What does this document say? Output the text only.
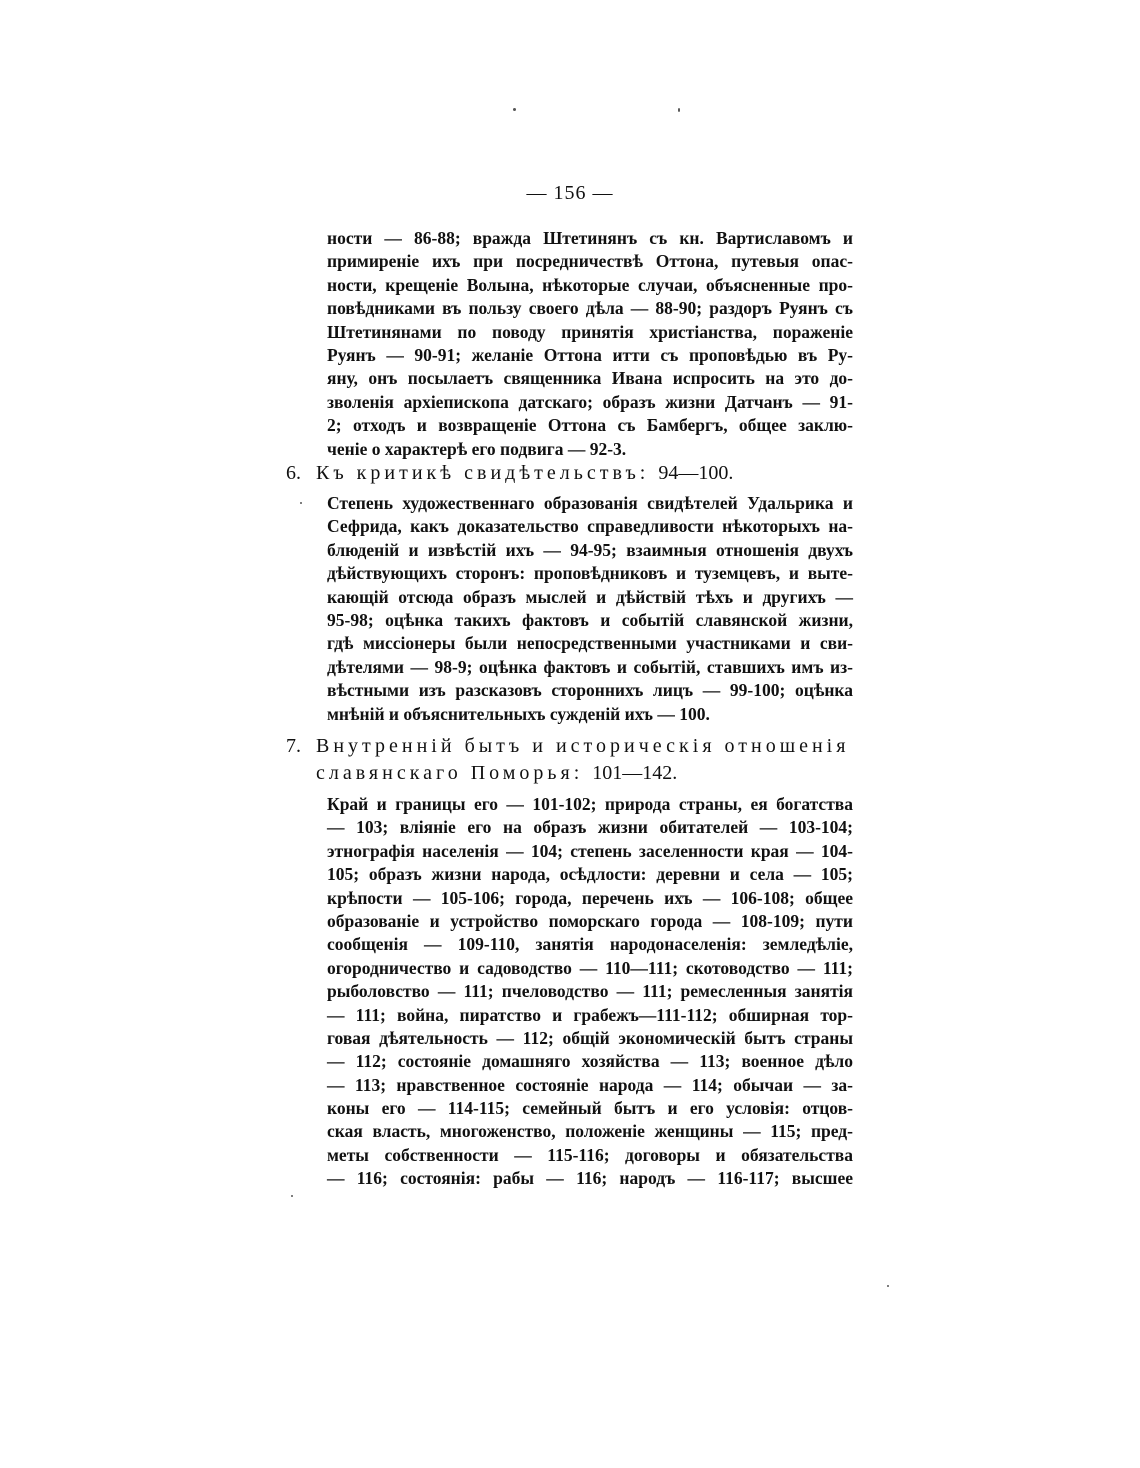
— 156 —
ности — 86-88; вражда Штетинянъ съ кн. Вартиславомъ и
примиреніе ихъ при посредничествѣ Оттона, путевыя опас-
ности, крещеніе Волына, нѣкоторые случаи, объясненные про-
повѣдниками въ пользу своего дѣла — 88-90; раздоръ Руянъ съ
Штетинянами по поводу принятія христіанства, пораженіе
Руянъ — 90-91; желаніе Оттона итти съ проповѣдью въ Ру-
яну, онъ посылаетъ священника Ивана испросить на это до-
зволенія архіепископа датскаго; образъ жизни Датчанъ — 91-
2; отходъ и возвращеніе Оттона съ Бамбергъ, общее заклю-
ченіе о характерѣ его подвига — 92-3.
6. Къ критикѣ свидѣтельствъ: 94—100.
Степень художественнаго образованія свидѣтелей Удальрика и
Сефрида, какъ доказательство справедливости нѣкоторыхъ на-
блюденій и извѣстій ихъ — 94-95; взаимныя отношенія двухъ
дѣйствующихъ сторонъ: проповѣдниковъ и туземцевъ, и выте-
кающій отсюда образъ мыслей и дѣйствій тѣхъ и другихъ —
95-98; оцѣнка такихъ фактовъ и событій славянской жизни,
гдѣ миссіонеры были непосредственными участниками и сви-
дѣтелями — 98-9; оцѣнка фактовъ и событій, ставшихъ имъ из-
вѣстными изъ разсказовъ стороннихъ лицъ — 99-100; оцѣнка
мнѣній и объяснительныхъ сужденій ихъ — 100.
7. Внутренній бытъ и историческія отношенія
славянскаго Поморья: 101—142.
Край и границы его — 101-102; природа страны, ея богатства
— 103; вліяніе его на образъ жизни обитателей — 103-104;
этнографія населенія — 104; степень заселенности края — 104-
105; образъ жизни народа, осѣдлости: деревни и села — 105;
крѣпости — 105-106; города, перечень ихъ — 106-108; общее
образованіе и устройство поморскаго города — 108-109; пути
сообщенія — 109-110, занятія народонаселенія: земледѣліе,
огородничество и садоводство — 110—111; скотоводство — 111;
рыболовство — 111; пчеловодство — 111; ремесленныя занятія
— 111; война, пиратство и грабежъ—111-112; обширная тор-
говая дѣятельность — 112; общій экономическій бытъ страны
— 112; состояніе домашняго хозяйства — 113; военное дѣло
— 113; нравственное состояніе народа — 114; обычаи — за-
коны его — 114-115; семейный бытъ и его условія: отцов-
ская власть, многоженство, положеніе женщины — 115; пред-
меты собственности — 115-116; договоры и обязательства
— 116; состоянія: рабы — 116; народъ — 116-117; высшее
